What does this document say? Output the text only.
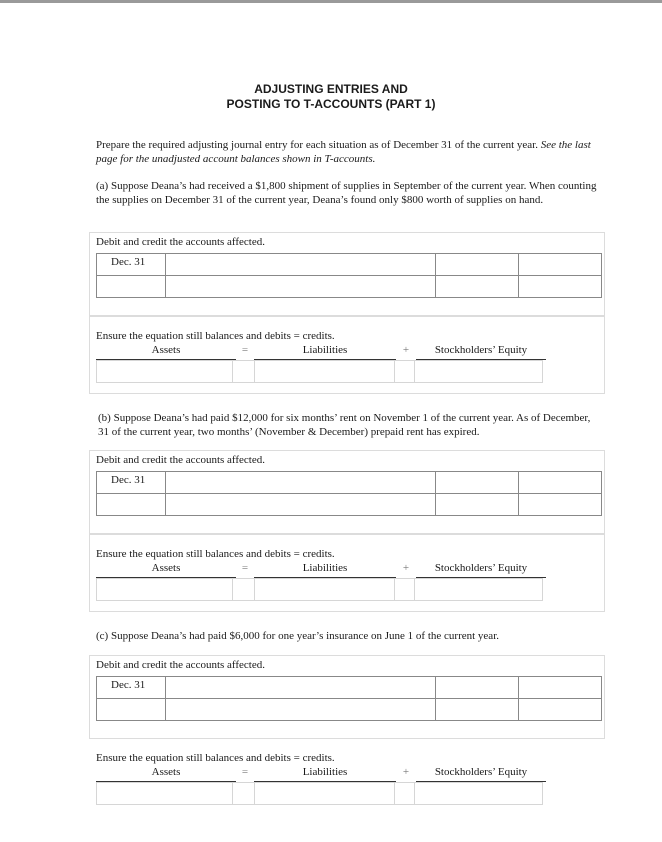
ADJUSTING ENTRIES AND
POSTING TO T-ACCOUNTS (PART 1)
Prepare the required adjusting journal entry for each situation as of December 31 of the current year. See the last page for the unadjusted account balances shown in T-accounts.
(a) Suppose Deana’s had received a $1,800 shipment of supplies in September of the current year. When counting the supplies on December 31 of the current year, Deana’s found only $800 worth of supplies on hand.
Debit and credit the accounts affected.
Dec. 31			

Ensure the equation still balances and debits = credits.
Assets	=	Liabilities	+	Stockholders’ Equity

(b) Suppose Deana’s had paid $12,000 for six months’ rent on November 1 of the current year. As of December, 31 of the current year, two months’ (November & December) prepaid rent has expired.
Debit and credit the accounts affected.
Dec. 31			

Ensure the equation still balances and debits = credits.
Assets	=	Liabilities	+	Stockholders’ Equity

(c) Suppose Deana’s had paid $6,000 for one year’s insurance on June 1 of the current year.
Debit and credit the accounts affected.
Dec. 31			

Ensure the equation still balances and debits = credits.
Assets	=	Liabilities	+	Stockholders’ Equity
